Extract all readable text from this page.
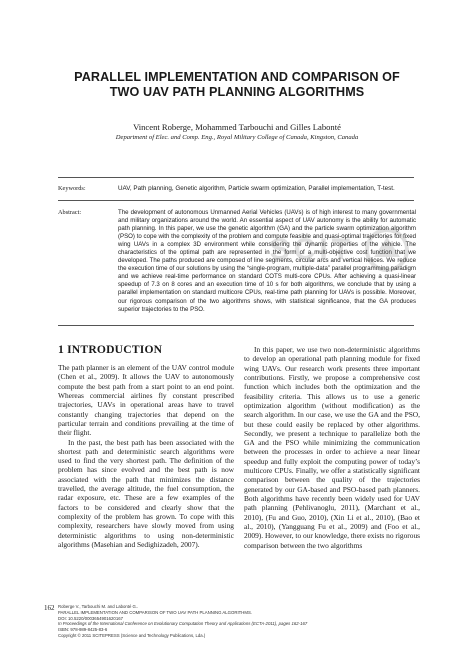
PARALLEL IMPLEMENTATION AND COMPARISON OF
TWO UAV PATH PLANNING ALGORITHMS
Vincent Roberge, Mohammed Tarbouchi and Gilles Labonté
Department of Elec. and Comp. Eng., Royal Military College of Canada, Kingston, Canada
Keywords:	UAV, Path planning, Genetic algorithm, Particle swarm optimization, Parallel implementation, T-test.
Abstract:	The development of autonomous Unmanned Aerial Vehicles (UAVs) is of high interest to many governmental and military organizations around the world. An essential aspect of UAV autonomy is the ability for automatic path planning. In this paper, we use the genetic algorithm (GA) and the particle swarm optimization algorithm (PSO) to cope with the complexity of the problem and compute feasible and quasi-optimal trajectories for fixed wing UAVs in a complex 3D environment while considering the dynamic properties of the vehicle. The characteristics of the optimal path are represented in the form of a multi-objective cost function that we developed. The paths produced are composed of line segments, circular arcs and vertical helices. We reduce the execution time of our solutions by using the “single-program, multiple-data” parallel programming paradigm and we achieve real-time performance on standard COTS multi-core CPUs. After achieving a quasi-linear speedup of 7.3 on 8 cores and an execution time of 10 s for both algorithms, we conclude that by using a parallel implementation on standard multicore CPUs, real-time path planning for UAVs is possible. Moreover, our rigorous comparison of the two algorithms shows, with statistical significance, that the GA produces superior trajectories to the PSO.
SCIT
1 INTRODUCTION

The path planner is an element of the UAV control module (Chen et al., 2009). It allows the UAV to autonomously compute the best path from a start point to an end point. Whereas commercial airlines fly constant prescribed trajectories, UAVs in operational areas have to travel constantly changing trajectories that depend on the particular terrain and conditions prevailing at the time of their flight.

In the past, the best path has been associated with the shortest path and deterministic search algorithms were used to find the very shortest path. The definition of the problem has since evolved and the best path is now associated with the path that minimizes the distance travelled, the average altitude, the fuel consumption, the radar exposure, etc. These are a few examples of the factors to be considered and clearly show that the complexity of the problem has grown. To cope with this complexity, researchers have slowly moved from using deterministic algorithms to using non-deterministic algorithms (Masehian and Sedighizadeh, 2007).

In this paper, we use two non-deterministic algorithms to develop an operational path planning module for fixed wing UAVs. Our research work presents three important contributions. Firstly, we propose a comprehensive cost function which includes both the optimization and the feasibility criteria. This allows us to use a generic optimization algorithm (without modification) as the search algorithm. In our case, we use the GA and the PSO, but these could easily be replaced by other algorithms. Secondly, we present a technique to parallelize both the GA and the PSO while minimizing the communication between the processes in order to achieve a near linear speedup and fully exploit the computing power of today’s multicore CPUs. Finally, we offer a statistically significant comparison between the quality of the trajectories generated by our GA-based and PSO-based path planners. Both algorithms have recently been widely used for UAV path planning (Pehlivanoglu, 2011), (Marchant et al., 2010), (Fu and Guo, 2010), (Xin Li et al., 2010), (Bao et al., 2010), (Yangguang Fu et al., 2009) and (Foo et al., 2009). However, to our knowledge, there exists no rigorous comparison between the two algorithms

162 Roberge V., Tarbouchi M. and Labonté G..
PARALLEL IMPLEMENTATION AND COMPARISON OF TWO UAV PATH PLANNING ALGORITHMS.
DOI: 10.5220/0003654901620167
In Proceedings of the International Conference on Evolutionary Computation Theory and Applications (ECTA-2011), pages 162-167
ISBN: 978-989-8425-83-6
Copyright © 2011 SCITEPRESS (Science and Technology Publications, Lda.)
